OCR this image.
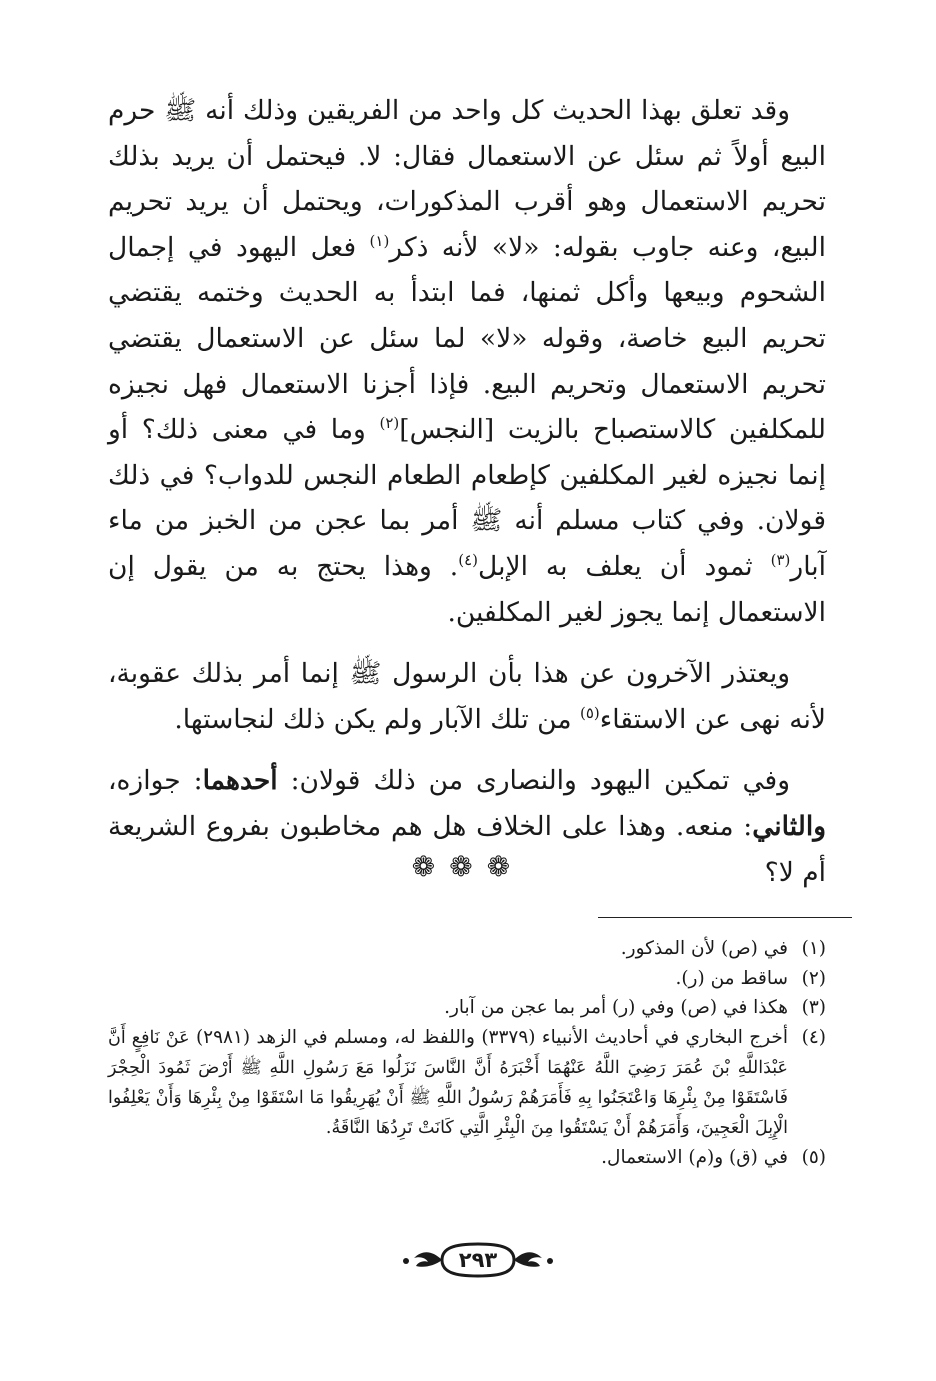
وقد تعلق بهذا الحديث كل واحد من الفريقين وذلك أنه ﷺ حرم البيع أولاً ثم سئل عن الاستعمال فقال: لا. فيحتمل أن يريد بذلك تحريم الاستعمال وهو أقرب المذكورات، ويحتمل أن يريد تحريم البيع، وعنه جاوب بقوله: «لا» لأنه ذكر$^{(١)}$ فعل اليهود في إجمال الشحوم وبيعها وأكل ثمنها، فما ابتدأ به الحديث وختمه يقتضي تحريم البيع خاصة، وقوله «لا» لما سئل عن الاستعمال يقتضي تحريم الاستعمال وتحريم البيع. فإذا أجزنا الاستعمال فهل نجيزه للمكلفين كالاستصباح بالزيت [النجس]$^{(٢)}$ وما في معنى ذلك؟ أو إنما نجيزه لغير المكلفين كإطعام الطعام النجس للدواب؟ في ذلك قولان. وفي كتاب مسلم أنه ﷺ أمر بما عجن من الخبز من ماء آبار$^{(٣)}$ ثمود أن يعلف به الإبل$^{(٤)}$. وهذا يحتج به من يقول إن الاستعمال إنما يجوز لغير المكلفين.

ويعتذر الآخرون عن هذا بأن الرسول ﷺ إنما أمر بذلك عقوبة، لأنه نهى عن الاستقاء$^{(٥)}$ من تلك الآبار ولم يكن ذلك لنجاستها.

وفي تمكين اليهود والنصارى من ذلك قولان: أحدهما: جوازه، والثاني: منعه. وهذا على الخلاف هل هم مخاطبون بفروع الشريعة أم لا؟

❁❁❁
(١)
في (ص) لأن المذكور.
(٢)
ساقط من (ر).
(٣)
هكذا في (ص) وفي (ر) أمر بما عجن من آبار.
(٤)
أخرج البخاري في أحاديث الأنبياء (٣٣٧٩) واللفظ له، ومسلم في الزهد (٢٩٨١) عَنْ نَافِعٍ أَنَّ عَبْدَاللَّهِ بْنَ عُمَرَ رَضِيَ اللَّهُ عَنْهُمَا أَخْبَرَهُ أَنَّ النَّاسَ نَزَلُوا مَعَ رَسُولِ اللَّهِ ﷺ أَرْضَ ثَمُودَ الْحِجْرَ فَاسْتَقَوْا مِنْ بِئْرِهَا وَاعْتَجَنُوا بِهِ فَأَمَرَهُمْ رَسُولُ اللَّهِ ﷺ أَنْ يُهَرِيقُوا مَا اسْتَقَوْا مِنْ بِئْرِهَا وَأَنْ يَعْلِفُوا الْإِبِلَ الْعَجِينَ، وَأَمَرَهُمْ أَنْ يَسْتَقُوا مِنَ الْبِئْرِ الَّتِي كَانَتْ تَرِدُهَا النَّاقَةُ.
(٥)
في (ق) و(م) الاستعمال.
٢٩٣
